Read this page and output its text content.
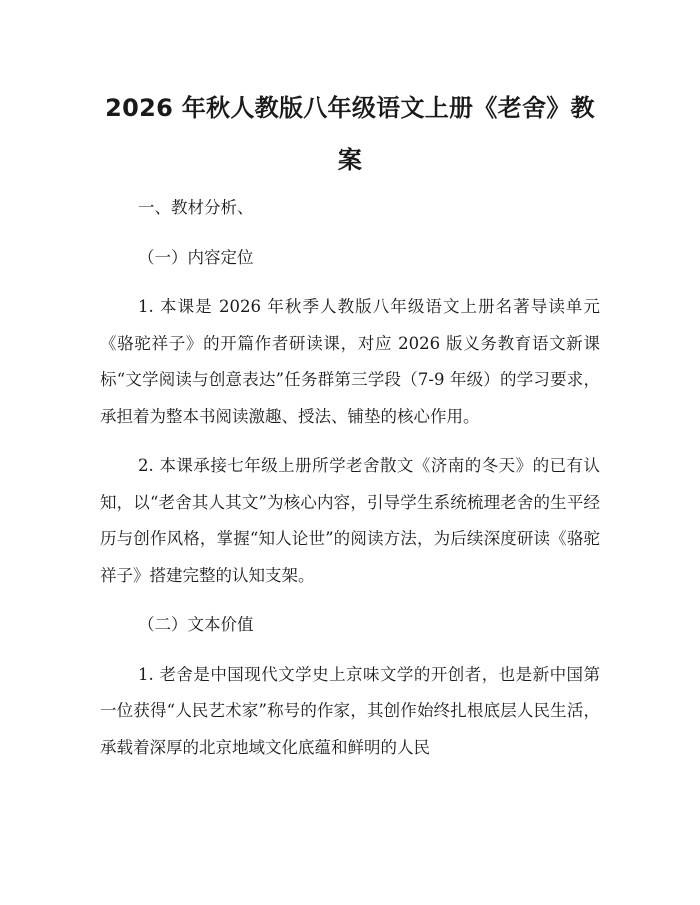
2026 年秋人教版八年级语文上册《老舍》教案

一、教材分析、

（一）内容定位

1. 本课是 2026 年秋季人教版八年级语文上册名著导读单元《骆驼祥子》的开篇作者研读课，对应 2026 版义务教育语文新课标“文学阅读与创意表达”任务群第三学段（7-9 年级）的学习要求，承担着为整本书阅读激趣、授法、铺垫的核心作用。

2. 本课承接七年级上册所学老舍散文《济南的冬天》的已有认知，以“老舍其人其文”为核心内容，引导学生系统梳理老舍的生平经历与创作风格，掌握“知人论世”的阅读方法，为后续深度研读《骆驼祥子》搭建完整的认知支架。

（二）文本价值

1. 老舍是中国现代文学史上京味文学的开创者，也是新中国第一位获得“人民艺术家”称号的作家，其创作始终扎根底层人民生活，承载着深厚的北京地域文化底蕴和鲜明的人民
